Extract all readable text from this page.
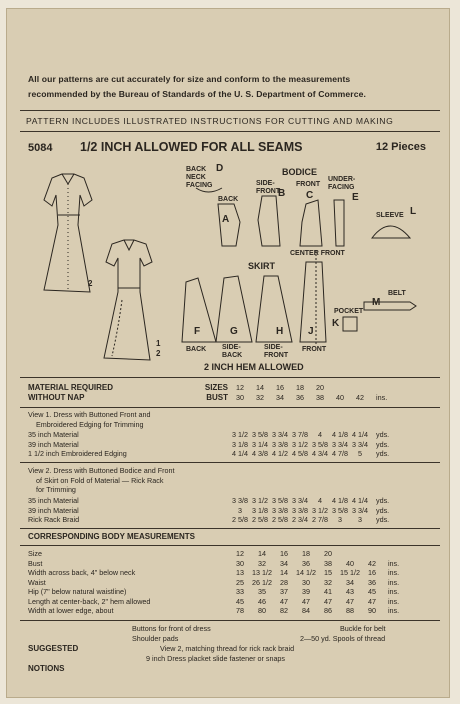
All our patterns are cut accurately for size and conform to the measurements
recommended by the Bureau of Standards of the U. S. Department of Commerce.
PATTERN INCLUDES ILLUSTRATED INSTRUCTIONS FOR CUTTING AND MAKING
5084 1/2 INCH ALLOWED FOR ALL SEAMS	12 Pieces
BACK
NECK
FACING
D	BODICE
BACK
A
SIDE-
FRONT
B
FRONT
C
UNDER-
FACING
E
SLEEVE L
SKIRT
CENTER FRONT
BELT
M
POCKET
K
F	G	H J
BACK SIDE-
BACK
SIDE-
FRONT
FRONT
2 INCH HEM ALLOWED
2
1
2
MATERIAL REQUIRED
WITHOUT NAP
SIZES	12	14	16	18	20			
BUST	30	32	34	36	38	40	42	ins.
View 1. Dress with Buttoned Front and
Embroidered Edging for Trimming
35 inch Material	3 1/2	3 5/8	3 3/4	3 7/8	4	4 1/8	4 1/4	yds.
39 inch Material	3 1/8	3 1/4	3 3/8	3 1/2	3 5/8	3 3/4	3 3/4	yds.
1 1/2 inch Embroidered Edging	4 1/4	4 3/8	4 1/2	4 5/8	4 3/4	4 7/8	5	yds.
View 2. Dress with Buttoned Bodice and Front
of Skirt on Fold of Material — Rick Rack
for Trimming
35 inch Material	3 3/8	3 1/2	3 5/8	3 3/4	4	4 1/8	4 1/4	yds.
39 inch Material	3	3 1/8	3 3/8	3 3/8	3 1/2	3 5/8	3 3/4	yds.
Rick Rack Braid	2 5/8	2 5/8	2 5/8	2 3/4	2 7/8	3	3	yds.
CORRESPONDING BODY MEASUREMENTS
Size	12	14	16	18	20			
Bust	30	32	34	36	38	40	42	ins.
Width across back, 4" below neck	13	13 1/2	14	14 1/2	15	15 1/2	16	ins.
Waist	25	26 1/2	28	30	32	34	36	ins.
Hip (7" below natural waistline)	33	35	37	39	41	43	45	ins.
Length at center-back, 2" hem allowed	45	46	47	47	47	47	47	ins.
Width at lower edge, about	78	80	82	84	86	88	90	ins.
SUGGESTED
NOTIONS
Buttons for front of dress	Buckle for belt
Shoulder pads	2—50 yd. Spools of thread
View 2, matching thread for rick rack braid
9 inch Dress placket slide fastener or snaps
